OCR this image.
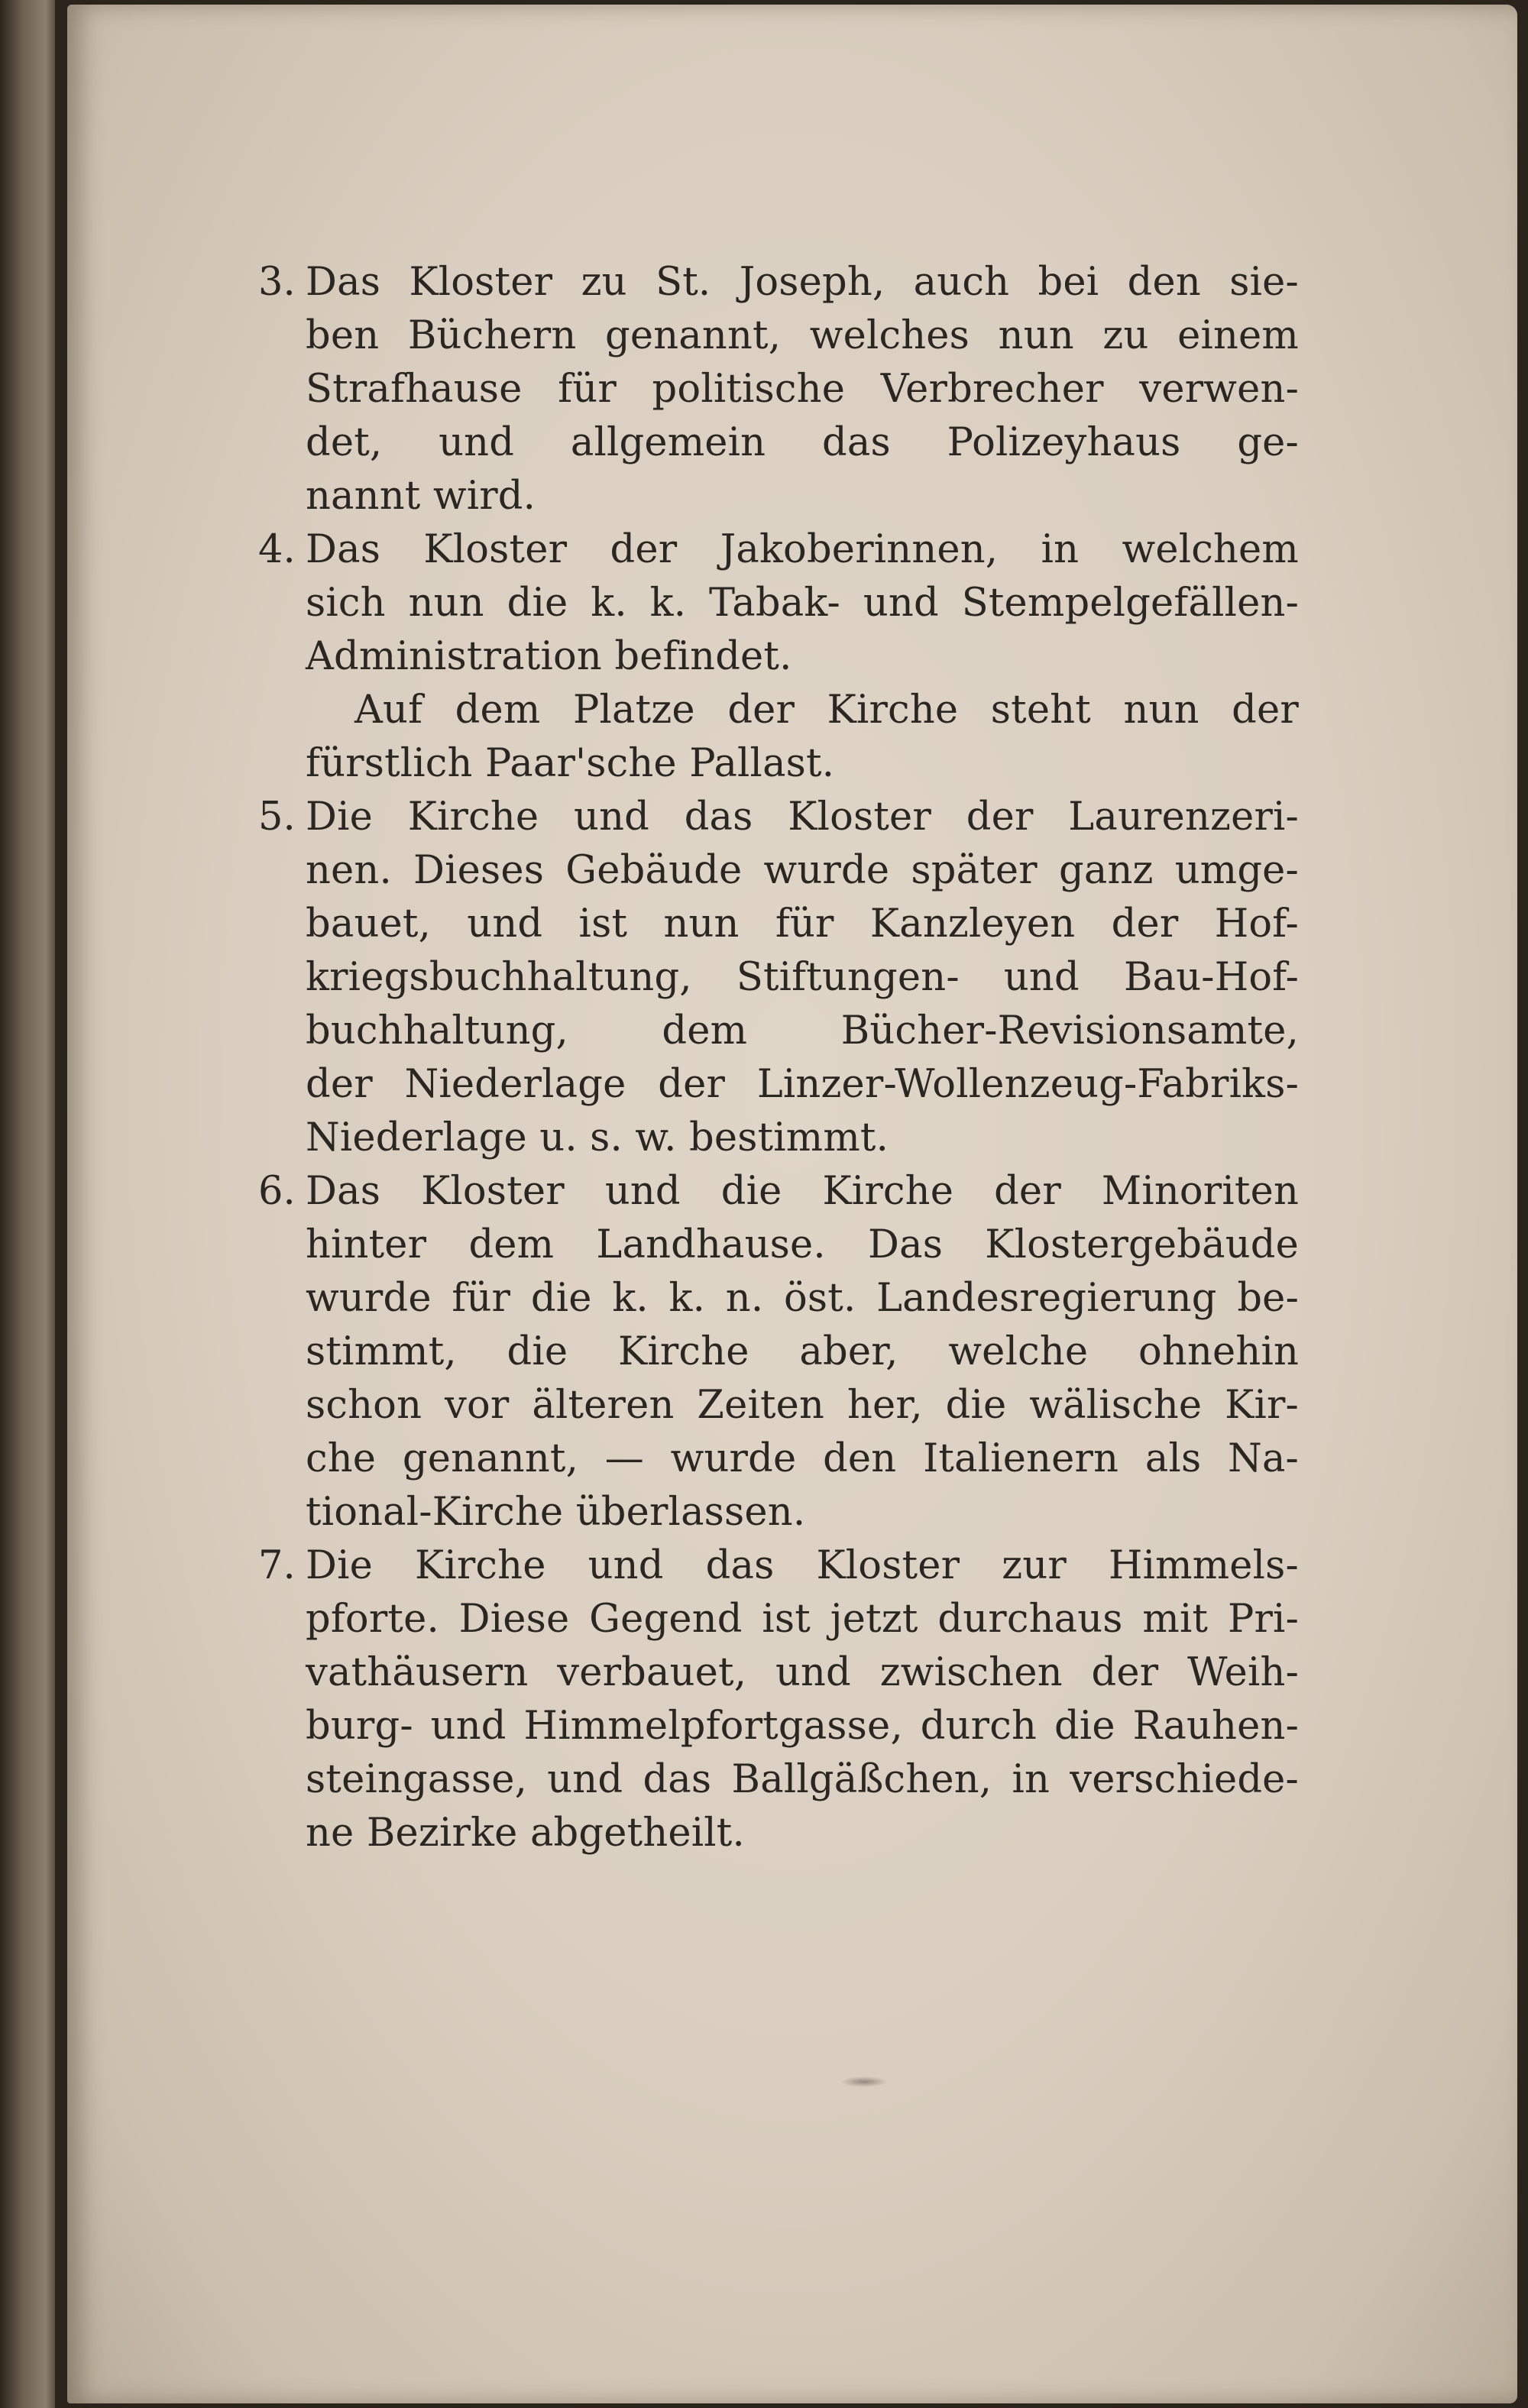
3. Das Kloster zu St. Joseph, auch bei den sie-
ben Büchern genannt, welches nun zu einem
Strafhause für politische Verbrecher verwen-
det, und allgemein das Polizeyhaus ge-
nannt wird.
4. Das Kloster der Jakoberinnen, in welchem
sich nun die k. k. Tabak- und Stempelgefällen-
Administration befindet.
Auf dem Platze der Kirche steht nun der
fürstlich Paar'sche Pallast.
5. Die Kirche und das Kloster der Laurenzeri-
nen. Dieses Gebäude wurde später ganz umge-
bauet, und ist nun für Kanzleyen der Hof-
kriegsbuchhaltung, Stiftungen- und Bau-Hof-
buchhaltung, dem Bücher-Revisionsamte,
der Niederlage der Linzer-Wollenzeug-Fabriks-
Niederlage u. s. w. bestimmt.
6. Das Kloster und die Kirche der Minoriten
hinter dem Landhause. Das Klostergebäude
wurde für die k. k. n. öst. Landesregierung be-
stimmt, die Kirche aber, welche ohnehin
schon vor älteren Zeiten her, die wälische Kir-
che genannt, — wurde den Italienern als Na-
tional-Kirche überlassen.
7. Die Kirche und das Kloster zur Himmels-
pforte. Diese Gegend ist jetzt durchaus mit Pri-
vathäusern verbauet, und zwischen der Weih-
burg- und Himmelpfortgasse, durch die Rauhen-
steingasse, und das Ballgäßchen, in verschiede-
ne Bezirke abgetheilt.
